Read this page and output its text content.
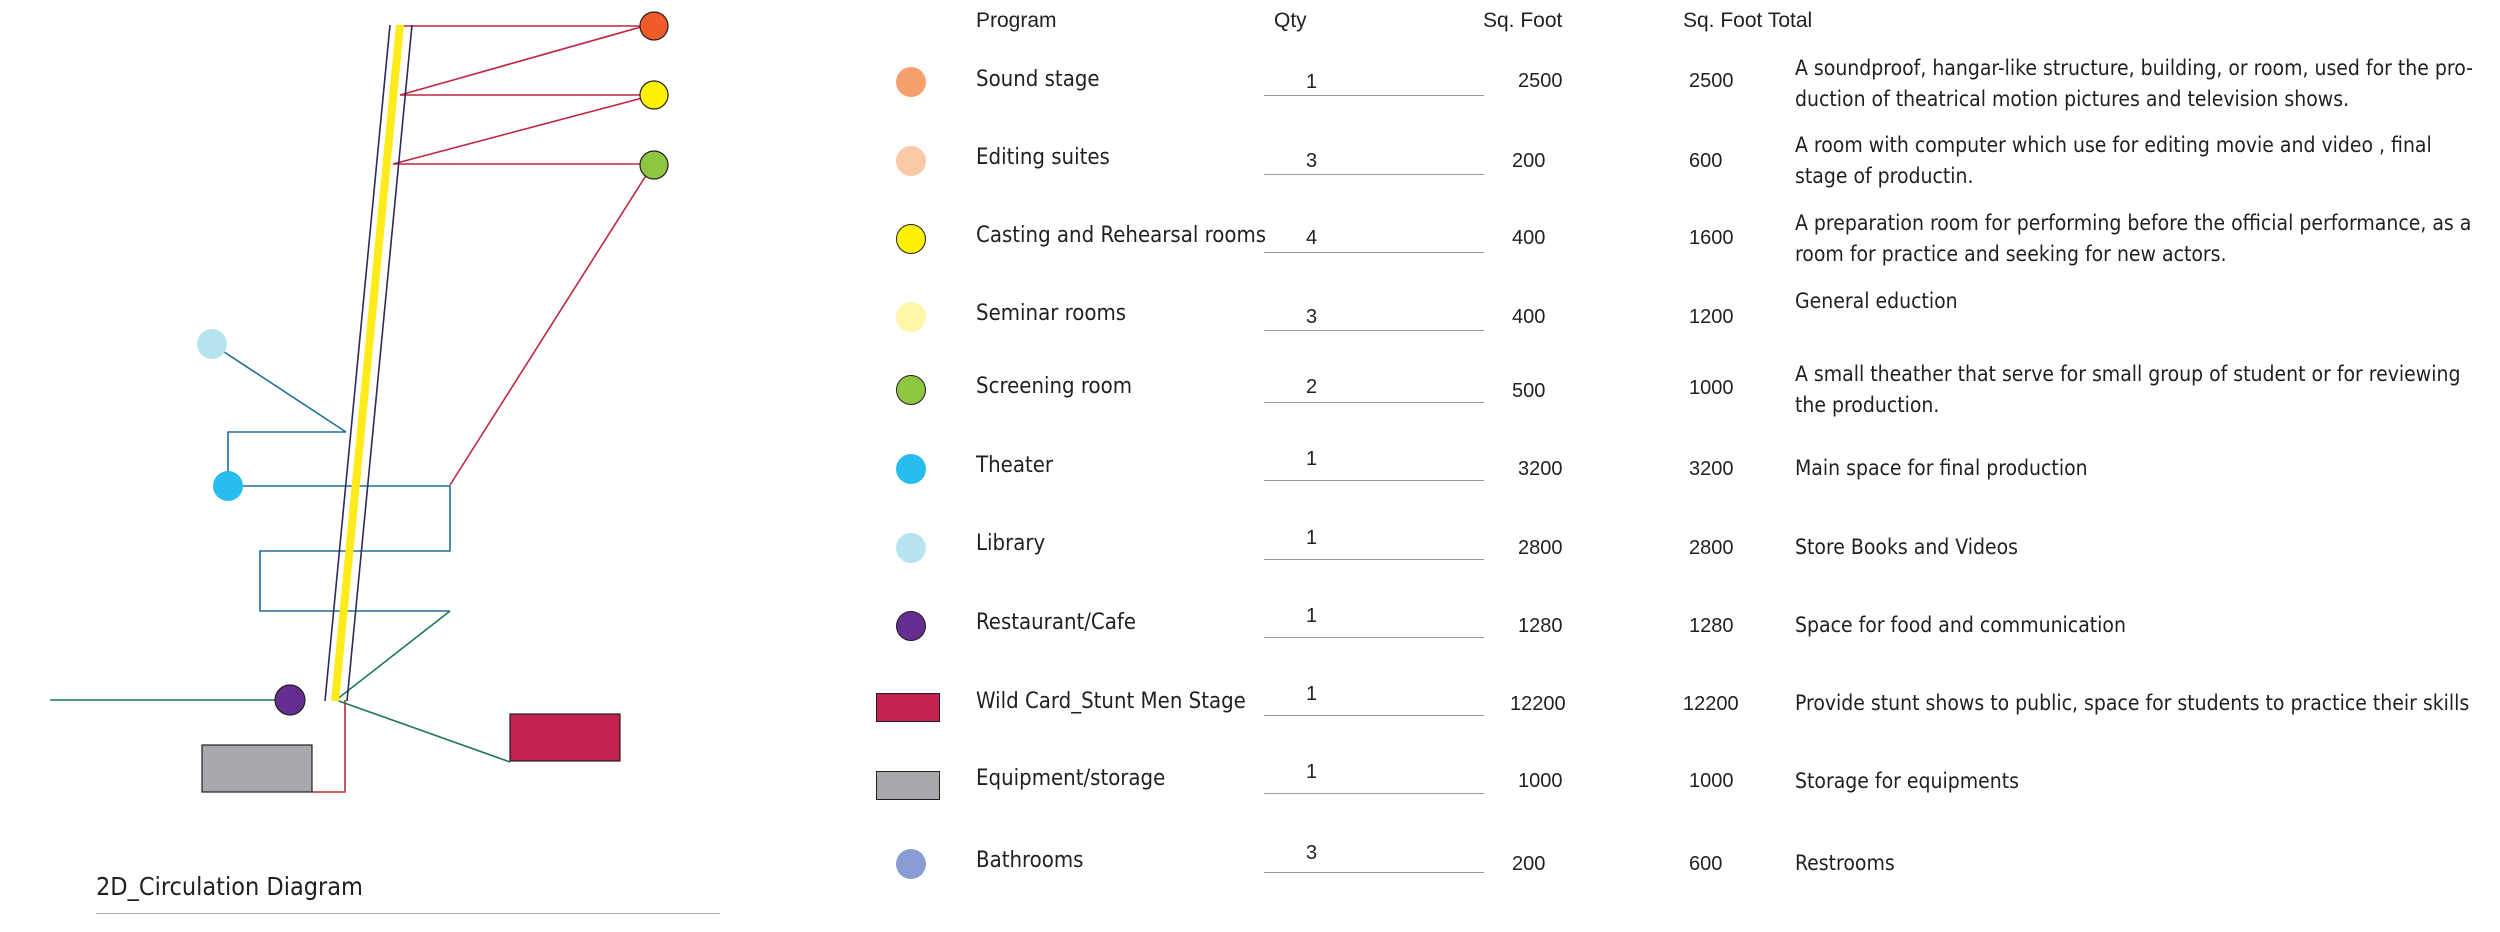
2D_Circulation Diagram
Program	Qty	Sq. Foot	Sq. Foot Total
Sound stage	1	2500	2500
A soundproof, hangar-like structure, building, or room, used for the pro-duction of theatrical motion pictures and television shows.
Editing suites	3	200	600
A room with computer which use for editing movie and video , final stage of productin.
Casting and Rehearsal rooms 4	400	1600
A preparation room for performing before the official performance, as a room for practice and seeking for new actors.
Seminar rooms	3	400	1200
General eduction
Screening room	2	500	1000
A small theather that serve for small group of student or for reviewing the production.
Theater	1	3200	3200	Main space for final production
Library	1	2800	2800	Store Books and Videos
Restaurant/Cafe	1	1280	1280	Space for food and communication
Wild Card_Stunt Men Stage	1	12200	12200	Provide stunt shows to public, space for students to practice their skills
Equipment/storage	1	1000	1000	Storage for equipments
Bathrooms	3	200	600	Restrooms
